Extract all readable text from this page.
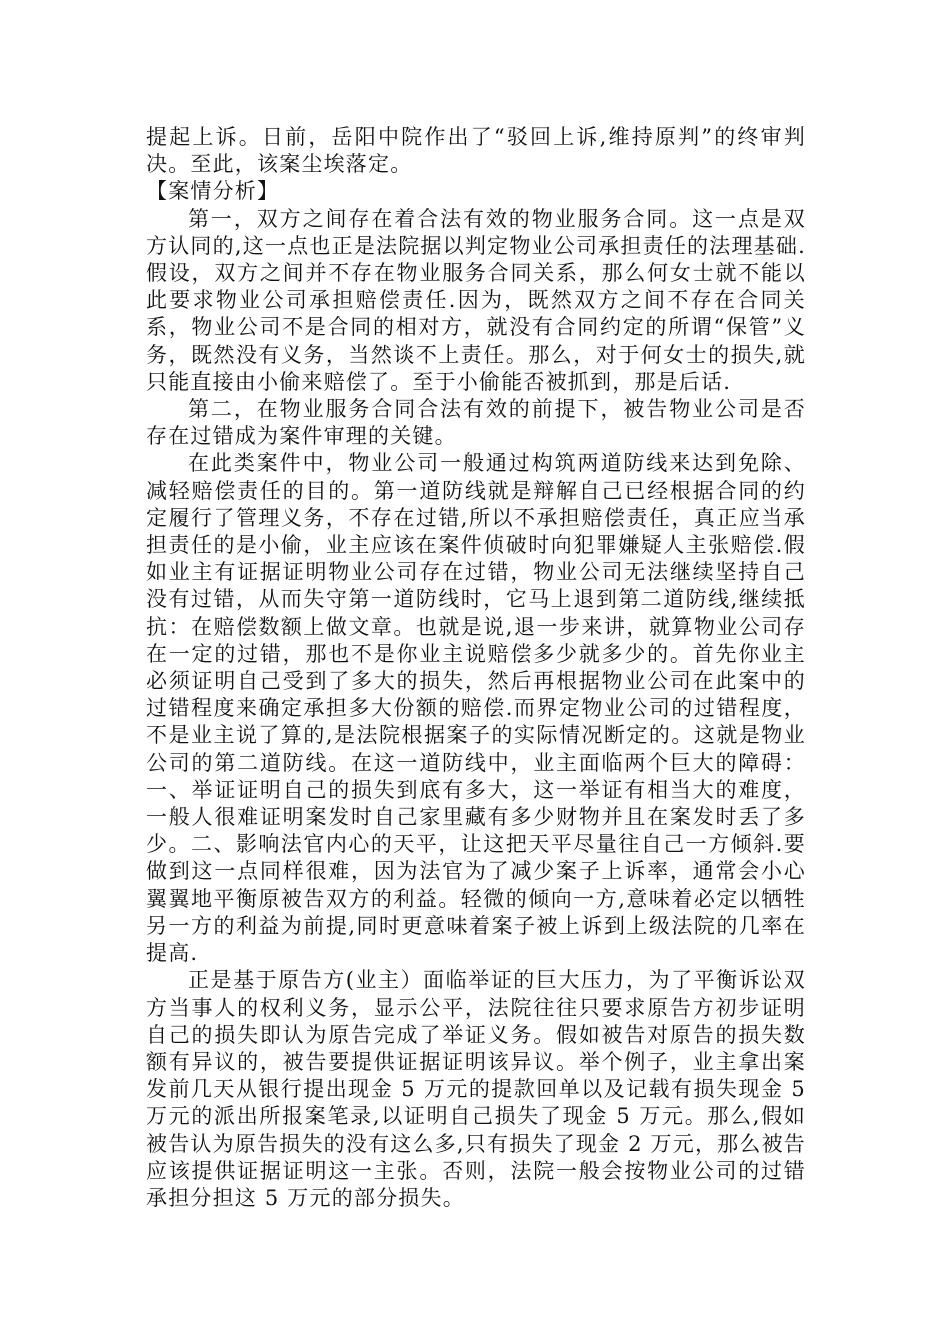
提起上诉。日前，岳阳中院作出了“驳回上诉,维持原判”的终审判决。至此，该案尘埃落定。

【案情分析】

第一，双方之间存在着合法有效的物业服务合同。这一点是双方认同的,这一点也正是法院据以判定物业公司承担责任的法理基础.假设，双方之间并不存在物业服务合同关系，那么何女士就不能以此要求物业公司承担赔偿责任.因为，既然双方之间不存在合同关系，物业公司不是合同的相对方，就没有合同约定的所谓“保管”义务，既然没有义务，当然谈不上责任。那么，对于何女士的损失,就只能直接由小偷来赔偿了。至于小偷能否被抓到，那是后话.

第二，在物业服务合同合法有效的前提下，被告物业公司是否存在过错成为案件审理的关键。

在此类案件中，物业公司一般通过构筑两道防线来达到免除、减轻赔偿责任的目的。第一道防线就是辩解自己已经根据合同的约定履行了管理义务，不存在过错,所以不承担赔偿责任，真正应当承担责任的是小偷，业主应该在案件侦破时向犯罪嫌疑人主张赔偿.假如业主有证据证明物业公司存在过错，物业公司无法继续坚持自己没有过错，从而失守第一道防线时，它马上退到第二道防线,继续抵抗：在赔偿数额上做文章。也就是说,退一步来讲，就算物业公司存在一定的过错，那也不是你业主说赔偿多少就多少的。首先你业主必须证明自己受到了多大的损失，然后再根据物业公司在此案中的过错程度来确定承担多大份额的赔偿.而界定物业公司的过错程度，不是业主说了算的,是法院根据案子的实际情况断定的。这就是物业公司的第二道防线。在这一道防线中，业主面临两个巨大的障碍：一、举证证明自己的损失到底有多大，这一举证有相当大的难度，一般人很难证明案发时自己家里藏有多少财物并且在案发时丢了多少。二、影响法官内心的天平，让这把天平尽量往自己一方倾斜.要做到这一点同样很难，因为法官为了减少案子上诉率，通常会小心翼翼地平衡原被告双方的利益。轻微的倾向一方,意味着必定以牺牲另一方的利益为前提,同时更意味着案子被上诉到上级法院的几率在提高.

正是基于原告方(业主）面临举证的巨大压力，为了平衡诉讼双方当事人的权利义务，显示公平，法院往往只要求原告方初步证明自己的损失即认为原告完成了举证义务。假如被告对原告的损失数额有异议的，被告要提供证据证明该异议。举个例子，业主拿出案发前几天从银行提出现金 5 万元的提款回单以及记载有损失现金 5 万元的派出所报案笔录,以证明自己损失了现金 5 万元。那么,假如被告认为原告损失的没有这么多,只有损失了现金 2 万元，那么被告应该提供证据证明这一主张。否则，法院一般会按物业公司的过错承担分担这 5 万元的部分损失。
